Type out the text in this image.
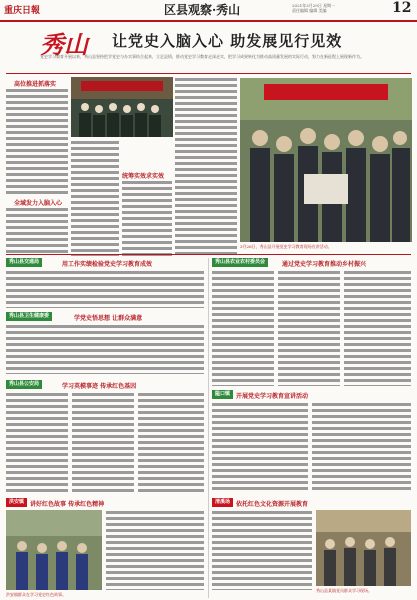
重庆日報	区县观察·秀山	2021年3月29日 星期一
责任编辑 编辑 美编	12
秀山 让党史入脑入心 助发展见行见效
党史学习教育开展以来，秀山县坚持把学党史与办实事结合起来，立足县情，推动党史学习教育走深走实，把学习成果转化为推动高质量发展的实际行动，努力在新征程上展现新作为。
高位推进抓落实
全域发力入脑入心
统筹实效求实效
3月26日，秀山县开展党史学习教育现场宣讲活动。
秀山县交通局	用工作实绩检验党史学习教育成效
秀山县卫生健康委	学党史悟思想 让群众满意
秀山县公安局	学习英模事迹 传承红色基因
洪安镇 讲好红色故事 传承红色精神
洪安镇群众在学习党史红色故事。
秀山县农业农村委员会	通过党史学习教育推动乡村振兴
隘口镇 开展党史学习教育宣讲活动
清溪场 依托红色文化资源开展教育
秀山县某镇党员群众学习现场。
